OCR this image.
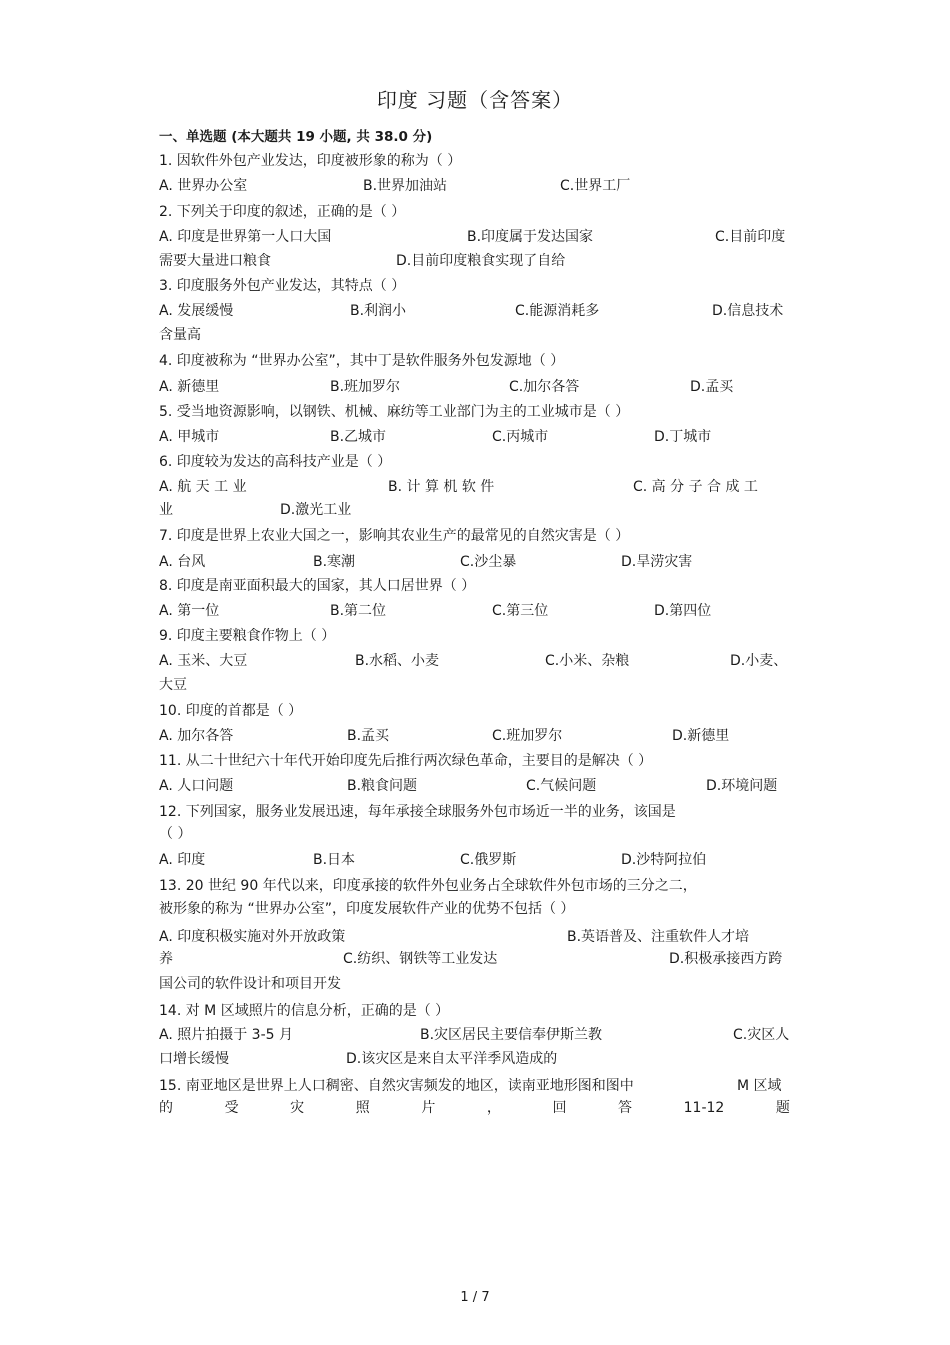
印度 习题（含答案）
一、单选题 (本大题共 19 小题, 共 38.0 分)
1. 因软件外包产业发达，印度被形象的称为（ ）
A. 世界办公室	B.世界加油站	C.世界工厂
2. 下列关于印度的叙述，正确的是（ ）
A. 印度是世界第一人口大国	B.印度属于发达国家	C.目前印度
需要大量进口粮食	D.目前印度粮食实现了自给
3. 印度服务外包产业发达，其特点（ ）
A. 发展缓慢	B.利润小	C.能源消耗多	D.信息技术
含量高
4. 印度被称为 “世界办公室”，其中丁是软件服务外包发源地（ ）
A. 新德里	B.班加罗尔	C.加尔各答	D.孟买
5. 受当地资源影响，以钢铁、机械、麻纺等工业部门为主的工业城市是（ ）
A. 甲城市	B.乙城市	C.丙城市	D.丁城市
6. 印度较为发达的高科技产业是（ ）
A. 航 天 工 业	B. 计 算 机 软 件	C. 高 分 子 合 成 工
业	D.激光工业
7. 印度是世界上农业大国之一，影响其农业生产的最常见的自然灾害是（ ）
A. 台风	B.寒潮	C.沙尘暴	D.旱涝灾害
8. 印度是南亚面积最大的国家，其人口居世界（ ）
A. 第一位	B.第二位	C.第三位	D.第四位
9. 印度主要粮食作物上（ ）
A. 玉米、大豆	B.水稻、小麦	C.小米、杂粮	D.小麦、
大豆
10. 印度的首都是（ ）
A. 加尔各答	B.孟买	C.班加罗尔	D.新德里
11. 从二十世纪六十年代开始印度先后推行两次绿色革命，主要目的是解决（ ）
A. 人口问题	B.粮食问题	C.气候问题	D.环境问题
12. 下列国家，服务业发展迅速，每年承接全球服务外包市场近一半的业务，该国是
（ ）
A. 印度	B.日本	C.俄罗斯	D.沙特阿拉伯
13. 20 世纪 90 年代以来，印度承接的软件外包业务占全球软件外包市场的三分之二，
被形象的称为 “世界办公室”，印度发展软件产业的优势不包括（ ）
A. 印度积极实施对外开放政策	B.英语普及、注重软件人才培
养	C.纺织、钢铁等工业发达	D.积极承接西方跨
国公司的软件设计和项目开发
14. 对 M 区域照片的信息分析，正确的是（ ）
A. 照片拍摄于 3-5 月	B.灾区居民主要信奉伊斯兰教	C.灾区人
口增长缓慢	D.该灾区是来自太平洋季风造成的
15. 南亚地区是世界上人口稠密、自然灾害频发的地区，读南亚地形图和图中	M 区域
的	受	灾	照	片	，	回	答	11-12	题
1 / 7
